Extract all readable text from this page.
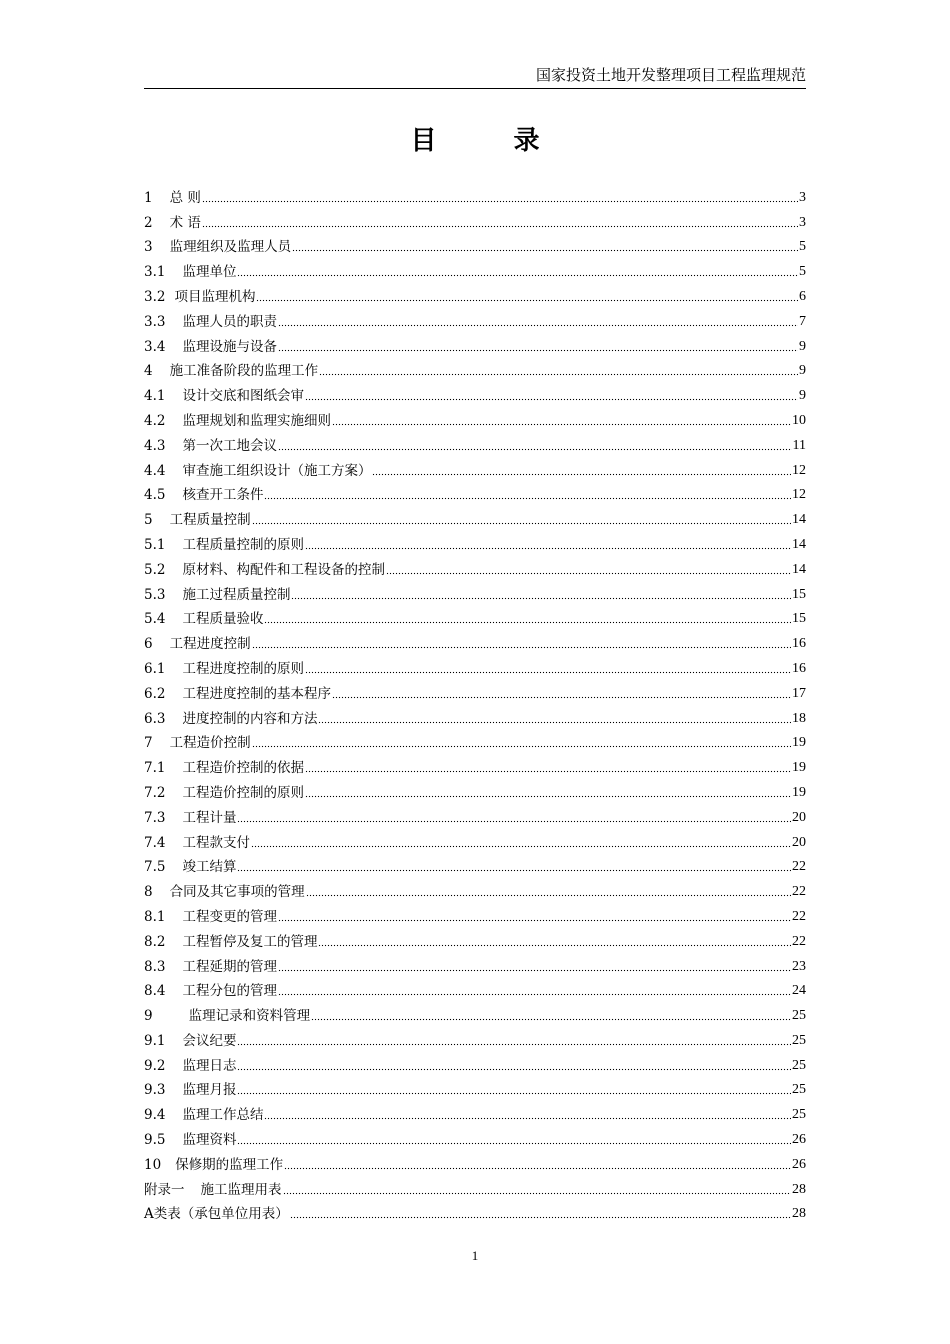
国家投资土地开发整理项目工程监理规范
目 录
1 总 则	3
2 术 语	3
3 监理组织及监理人员	5
3.1 监理单位	5
3.2 项目监理机构	6
3.3 监理人员的职责	7
3.4 监理设施与设备	9
4 施工准备阶段的监理工作	9
4.1 设计交底和图纸会审	9
4.2 监理规划和监理实施细则	10
4.3 第一次工地会议	11
4.4 审查施工组织设计（施工方案）	12
4.5 核查开工条件	12
5 工程质量控制	14
5.1 工程质量控制的原则	14
5.2 原材料、构配件和工程设备的控制	14
5.3 施工过程质量控制	15
5.4 工程质量验收	15
6 工程进度控制	16
6.1 工程进度控制的原则	16
6.2 工程进度控制的基本程序	17
6.3 进度控制的内容和方法	18
7 工程造价控制	19
7.1 工程造价控制的依据	19
7.2 工程造价控制的原则	19
7.3 工程计量	20
7.4 工程款支付	20
7.5 竣工结算	22
8 合同及其它事项的管理	22
8.1 工程变更的管理	22
8.2 工程暂停及复工的管理	22
8.3 工程延期的管理	23
8.4 工程分包的管理	24
9	监理记录和资料管理	25
9.1 会议纪要	25
9.2 监理日志	25
9.3 监理月报	25
9.4 监理工作总结	25
9.5 监理资料	26
10 保修期的监理工作	26
附录一 施工监理用表	28
A类表（承包单位用表）	28
1
